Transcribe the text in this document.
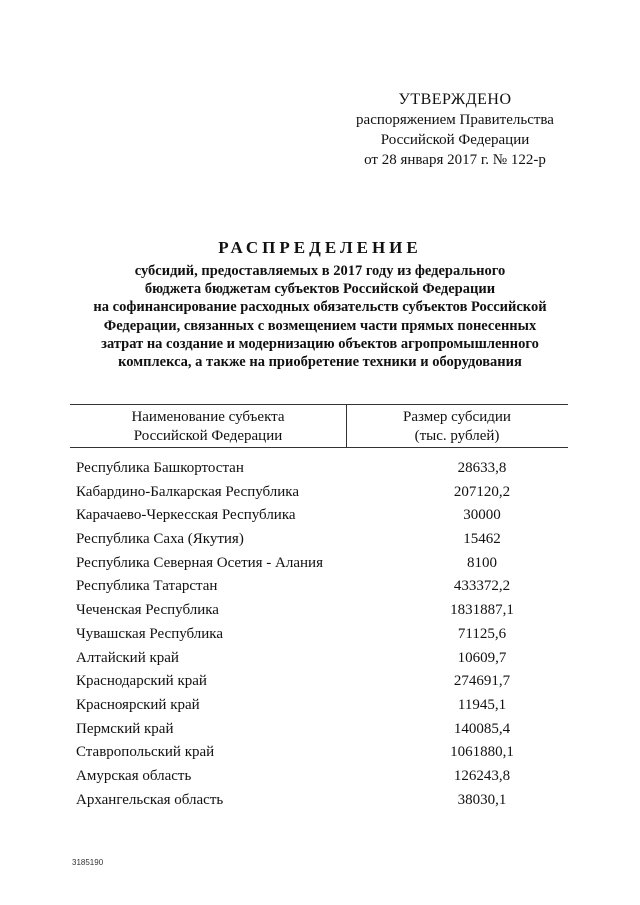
УТВЕРЖДЕНО
распоряжением Правительства
Российской Федерации
от 28 января 2017 г. № 122-р
РАСПРЕДЕЛЕНИЕ
субсидий, предоставляемых в 2017 году из федерального
бюджета бюджетам субъектов Российской Федерации
на софинансирование расходных обязательств субъектов Российской
Федерации, связанных с возмещением части прямых понесенных
затрат на создание и модернизацию объектов агропромышленного
комплекса, а также на приобретение техники и оборудования
Наименование субъекта
Российской Федерации
Размер субсидии
(тыс. рублей)
Республика Башкортостан	28633,8
Кабардино-Балкарская Республика	207120,2
Карачаево-Черкесская Республика	30000
Республика Саха (Якутия)	15462
Республика Северная Осетия - Алания	8100
Республика Татарстан	433372,2
Чеченская Республика	1831887,1
Чувашская Республика	71125,6
Алтайский край	10609,7
Краснодарский край	274691,7
Красноярский край	11945,1
Пермский край	140085,4
Ставропольский край	1061880,1
Амурская область	126243,8
Архангельская область	38030,1
3185190
